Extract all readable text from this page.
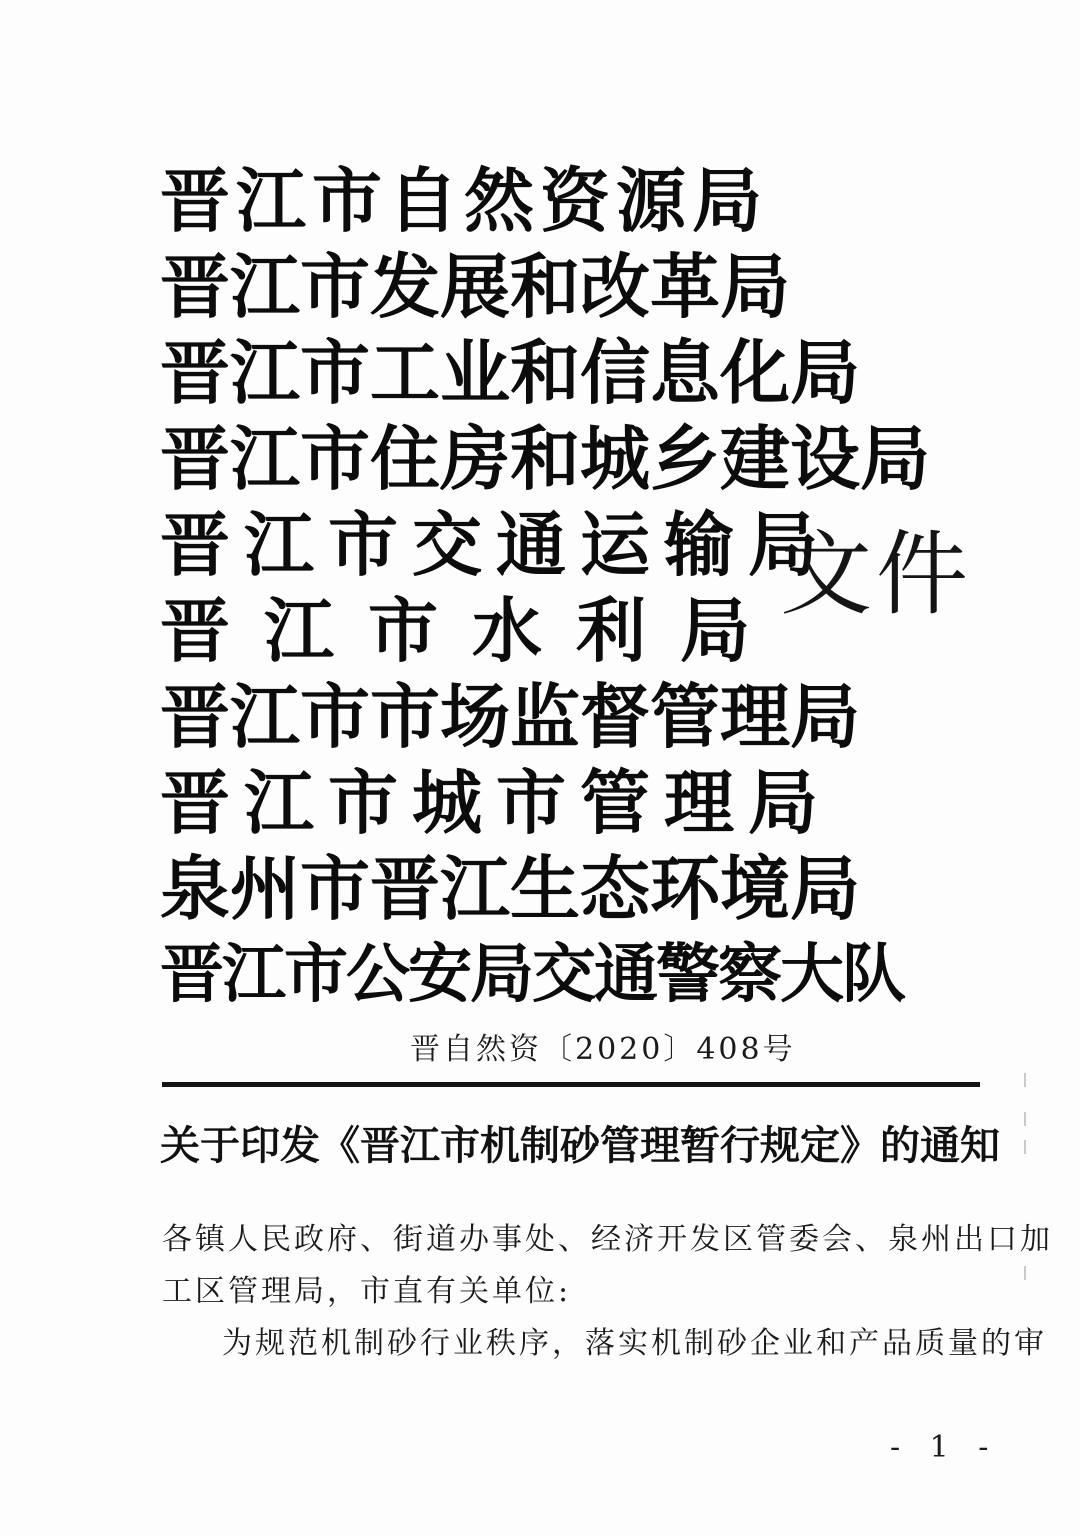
晋江市自然资源局
晋江市发展和改革局
晋江市工业和信息化局
晋江市住房和城乡建设局
晋江市交通运输局
晋江市水利局
晋江市市场监督管理局
晋江市城市管理局
泉州市晋江生态环境局
晋江市公安局交通警察大队
文件
晋自然资〔2020〕408号
关于印发《晋江市机制砂管理暂行规定》的通知

各镇人民政府、街道办事处、经济开发区管委会、泉州出口加

工区管理局，市直有关单位:

为规范机制砂行业秩序，落实机制砂企业和产品质量的审

- 1 -
